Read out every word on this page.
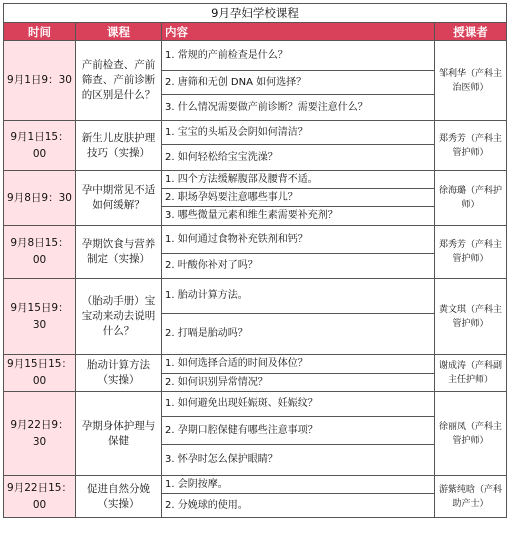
9月孕妇学校课程			
时间	课程	内容	授课者
9月1日9：30	产前检查、产前筛查、产前诊断的区别是什么？	1. 常规的产前检查是什么？	邹利华（产科主治医师）
		2. 唐筛和无创 DNA 如何选择？	
		3. 什么情况需要做产前诊断？需要注意什么？	
9月1日15：00	新生儿皮肤护理技巧（实操）	1. 宝宝的头垢及会阴如何清洁？	郑秀芳（产科主管护师）
		2. 如何轻松给宝宝洗澡？	
9月8日9：30	孕中期常见不适如何缓解？	1. 四个方法缓解腹部及腰背不适。	徐海璐（产科护师）
		2. 职场孕妈要注意哪些事儿？	
		3. 哪些微量元素和维生素需要补充剂？	
9月8日15：00	孕期饮食与营养制定（实操）	1. 如何通过食物补充铁剂和钙？	郑秀芳（产科主管护师）
		2. 叶酸你补对了吗？	
9月15日9：30	（胎动手册）宝宝动来动去说明什么？	1. 胎动计算方法。	黄文琪（产科主管护师）
		2. 打嗝是胎动吗？	
9月15日15：00	胎动计算方法（实操）	1. 如何选择合适的时间及体位？	谢成涛（产科副主任护师）
		2. 如何识别异常情况？	
9月22日9：30	孕期身体护理与保健	1. 如何避免出现妊娠斑、妊娠纹？	徐丽凤（产科主管护师）
		2. 孕期口腔保健有哪些注意事项？	
		3. 怀孕时怎么保护眼睛？	
9月22日15：00	促进自然分娩（实操）	1. 会阴按摩。	游紫纯晗（产科助产士）
		2. 分娩球的使用。	
